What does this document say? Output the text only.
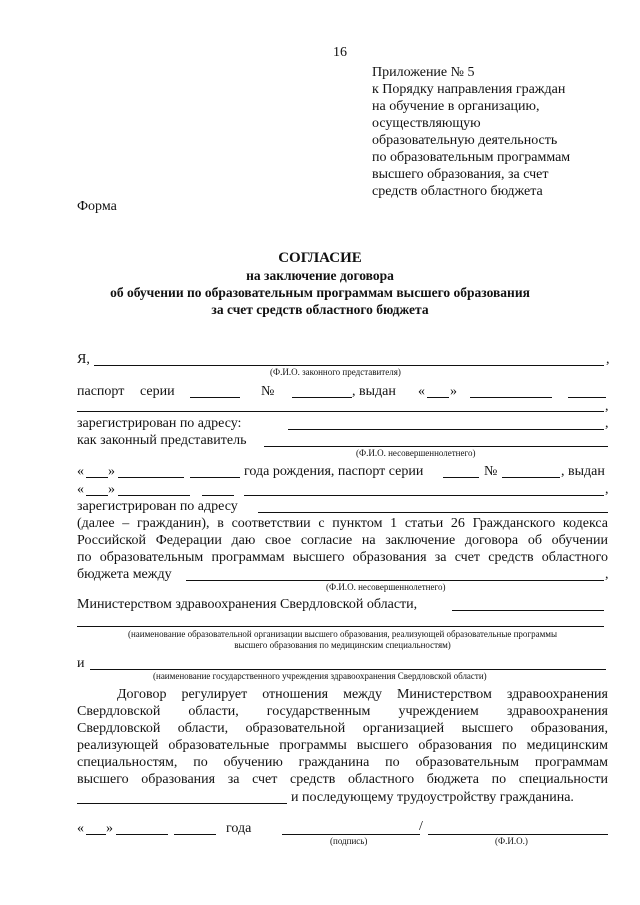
16
Приложение № 5
к Порядку направления граждан
на обучение в организацию,
осуществляющую
образовательную деятельность
по образовательным программам
высшего образования, за счет
средств областного бюджета
Форма
СОГЛАСИЕ
на заключение договора
об обучении по образовательным программам высшего образования
за счет средств областного бюджета
Я,	,
(Ф.И.О. законного представителя)
паспорт серии	№	, выдан « »
,
зарегистрирован по адресу:	,
как законный представитель
(Ф.И.О. несовершеннолетнего)
« »	года рождения, паспорт серии	№	, выдан
« »	,
зарегистрирован по адресу
(далее – гражданин), в соответствии с пунктом 1 статьи 26 Гражданского кодекса
Российской Федерации даю свое согласие на заключение договора об обучении
по образовательным программам высшего образования за счет средств областного
бюджета между	,
(Ф.И.О. несовершеннолетнего)
Министерством здравоохранения Свердловской области,
(наименование образовательной организации высшего образования, реализующей образовательные программы
высшего образования по медицинским специальностям)
и
(наименование государственного учреждения здравоохранения Свердловской области)
Договор регулирует отношения между Министерством здравоохранения
Свердловской области, государственным учреждением здравоохранения
Свердловской области, образовательной организацией высшего образования,
реализующей образовательные программы высшего образования по медицинским
специальностям, по обучению гражданина по образовательным программам
высшего образования за счет средств областного бюджета по специальности
и последующему трудоустройству гражданина.
« »	года	/
(подпись)	(Ф.И.О.)
